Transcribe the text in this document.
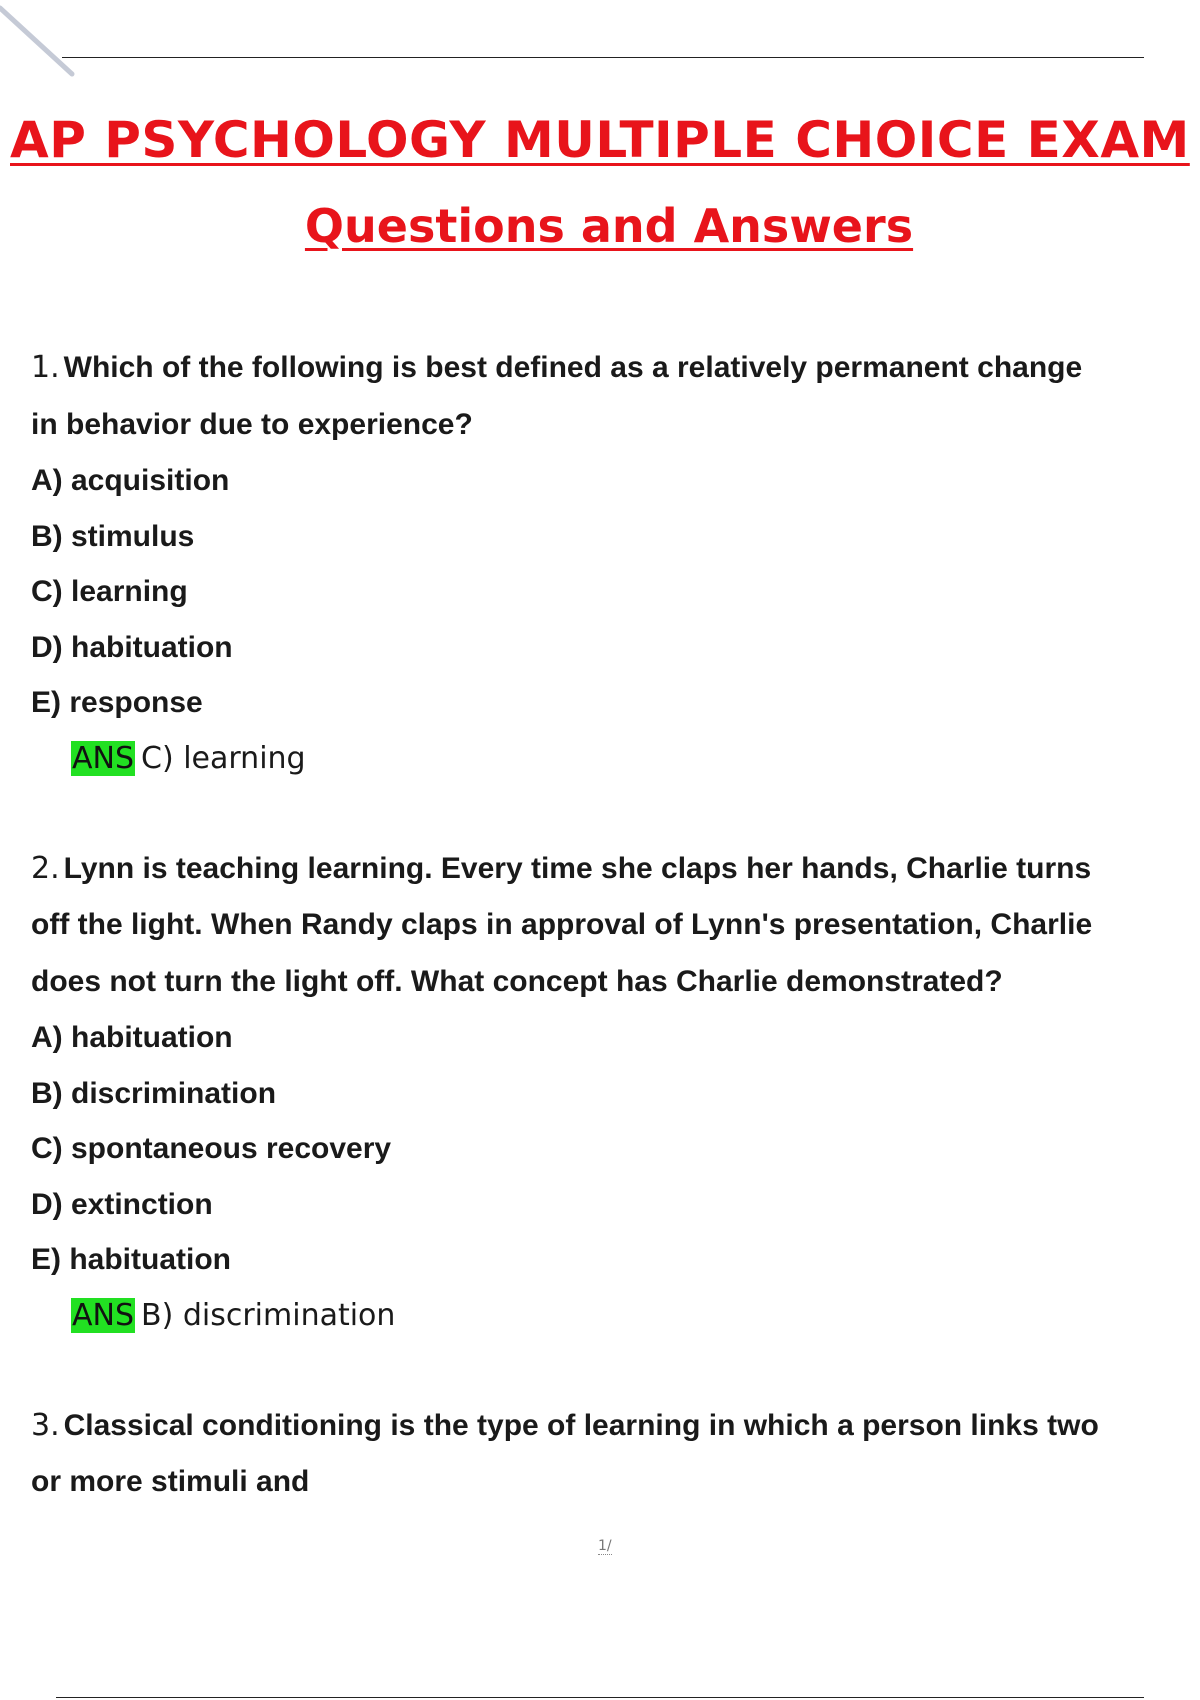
AP PSYCHOLOGY MULTIPLE CHOICE EXAM
Questions and Answers
1. Which of the following is best defined as a relatively permanent change
in behavior due to experience?
A) acquisition
B) stimulus
C) learning
D) habituation
E) response
ANS C) learning
2. Lynn is teaching learning. Every time she claps her hands, Charlie turns
off the light. When Randy claps in approval of Lynn's presentation, Charlie
does not turn the light off. What concept has Charlie demonstrated?
A) habituation
B) discrimination
C) spontaneous recovery
D) extinction
E) habituation
ANS B) discrimination
3. Classical conditioning is the type of learning in which a person links two
or more stimuli and
1/
